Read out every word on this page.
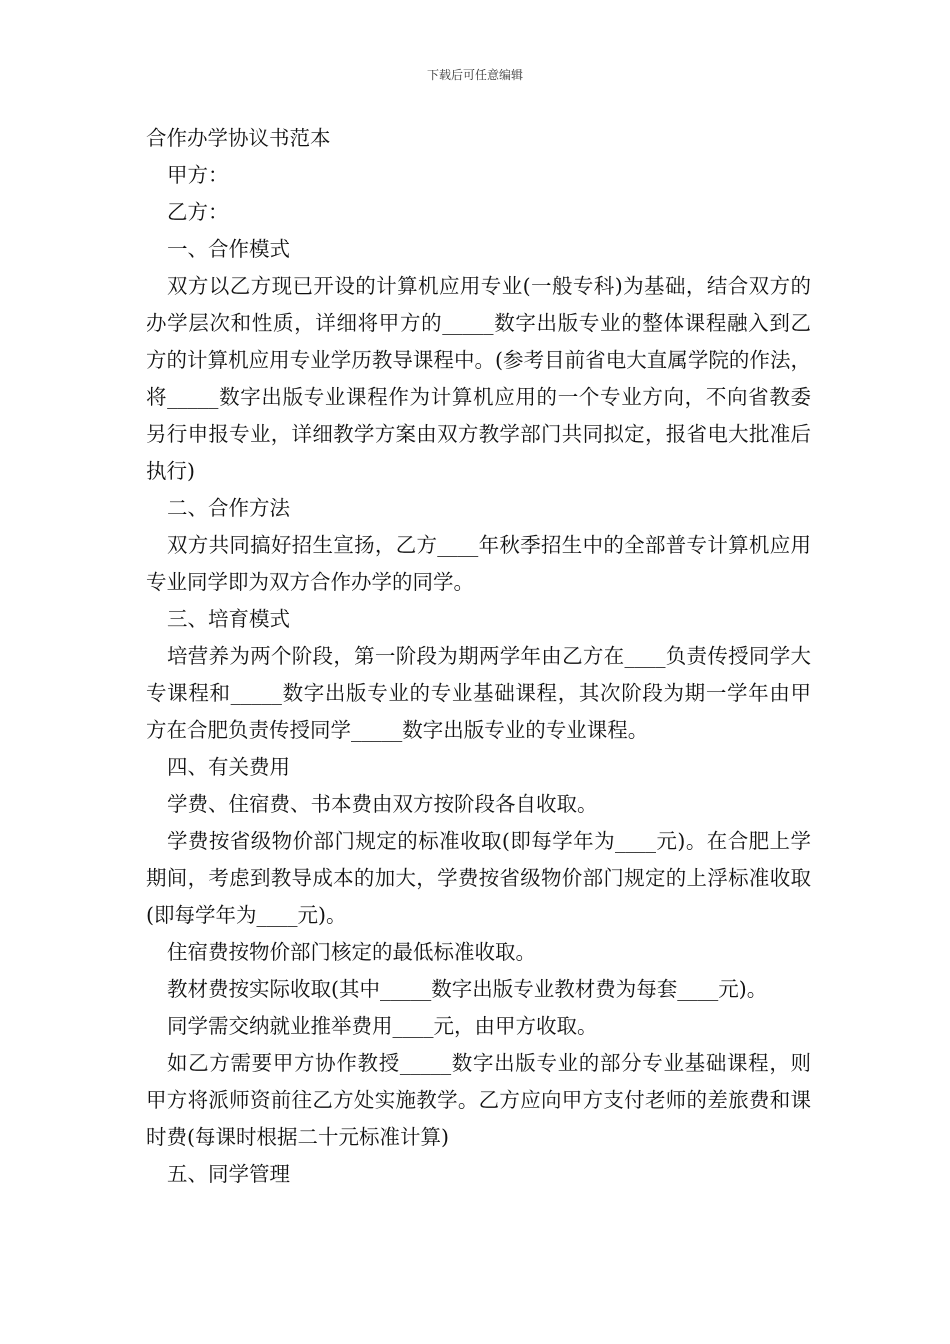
下载后可任意编辑

合作办学协议书范本

甲方：

乙方：

一、合作模式

双方以乙方现已开设的计算机应用专业(一般专科)为基础，结合双方的办学层次和性质，详细将甲方的_____数字出版专业的整体课程融入到乙方的计算机应用专业学历教导课程中。(参考目前省电大直属学院的作法，将_____数字出版专业课程作为计算机应用的一个专业方向，不向省教委另行申报专业，详细教学方案由双方教学部门共同拟定，报省电大批准后执行)

二、合作方法

双方共同搞好招生宣扬，乙方____年秋季招生中的全部普专计算机应用专业同学即为双方合作办学的同学。

三、培育模式

培营养为两个阶段，第一阶段为期两学年由乙方在____负责传授同学大专课程和_____数字出版专业的专业基础课程，其次阶段为期一学年由甲方在合肥负责传授同学_____数字出版专业的专业课程。

四、有关费用

学费、住宿费、书本费由双方按阶段各自收取。

学费按省级物价部门规定的标准收取(即每学年为____元)。在合肥上学期间，考虑到教导成本的加大，学费按省级物价部门规定的上浮标准收取(即每学年为____元)。

住宿费按物价部门核定的最低标准收取。

教材费按实际收取(其中_____数字出版专业教材费为每套____元)。

同学需交纳就业推举费用____元，由甲方收取。

如乙方需要甲方协作教授_____数字出版专业的部分专业基础课程，则甲方将派师资前往乙方处实施教学。乙方应向甲方支付老师的差旅费和课时费(每课时根据二十元标准计算)

五、同学管理
